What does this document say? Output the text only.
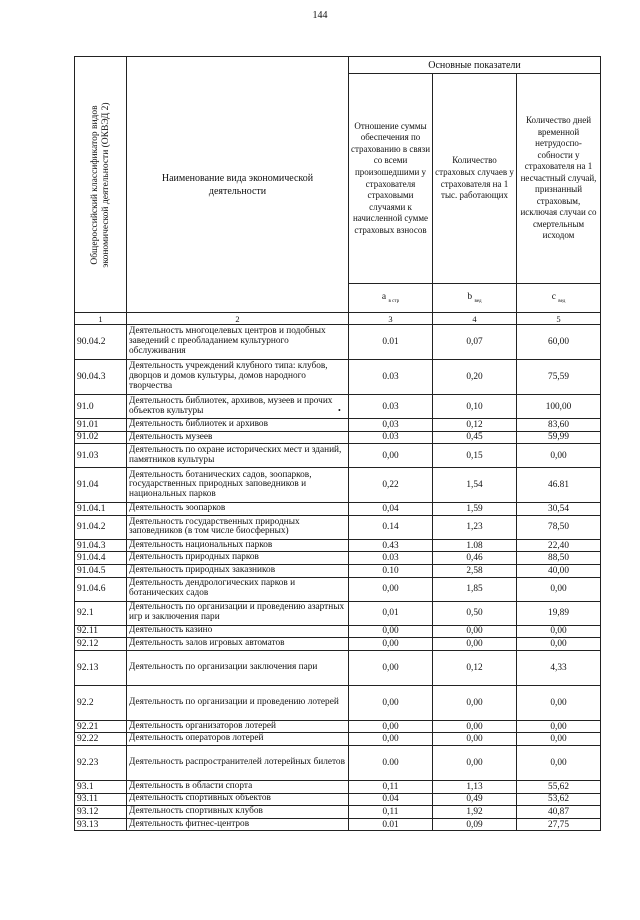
144
Общероссийский классификатор видов экономической деятельности (ОКВЭД 2)	Наименование вида экономической деятельности	Основные показатели		
		Отношение суммы обеспечения по страхованию в связи со всеми произошедшими у страхователя страховыми случаями к начисленной сумме страховых взносов	Количество страховых случаев у страхователя на 1 тыс. работающих	Количество дней временной нетрудоспо-собности у страхователя на 1 несчастный случай, признанный страховым, исключая случаи со смертельным исходом
		a $_{в стр}$	b $_{вед}$	c $_{вед}$
1	2	3	4	5
90.04.2	Деятельность многоцелевых центров и подобных заведений с преобладанием культурного обслуживания	0.01	0,07	60,00
90.04.3	Деятельность учреждений клубного типа: клубов, дворцов и домов культуры, домов народного творчества	0.03	0,20	75,59
91.0	Деятельность библиотек, архивов, музеев и прочих объектов культуры	0.03	0,10	100,00
91.01	Деятельность библиотек и архивов	0,03	0,12	83,60
91.02	Деятельность музеев	0.03	0,45	59,99
91.03	Деятельность по охране исторических мест и зданий, памятников культуры	0,00	0,15	0,00
91.04	Деятельность ботанических садов, зоопарков, государственных природных заповедников и национальных парков	0,22	1,54	46.81
91.04.1	Деятельность зоопарков	0,04	1,59	30,54
91.04.2	Деятельность государственных природных заповедников (в том числе биосферных)	0.14	1,23	78,50
91.04.3	Деятельность национальных парков	0.43	1.08	22,40
91.04.4	Деятельность природных парков	0.03	0,46	88,50
91.04.5	Деятельность природных заказников	0.10	2,58	40,00
91.04.6	Деятельность дендрологических парков и ботанических садов	0,00	1,85	0,00
92.1	Деятельность по организации и проведению азартных игр и заключения пари	0,01	0,50	19,89
92.11	Деятельность казино	0,00	0,00	0,00
92.12	Деятельность залов игровых автоматов	0,00	0,00	0,00
92.13	Деятельность по организации заключения пари	0,00	0,12	4,33
92.2	Деятельность по организации и проведению лотерей	0,00	0,00	0,00
92.21	Деятельность организаторов лотерей	0,00	0,00	0,00
92.22	Деятельность операторов лотерей	0,00	0,00	0,00
92.23	Деятельность распространителей лотерейных билетов	0.00	0,00	0,00
93.1	Деятельность в области спорта	0,11	1,13	55,62
93.11	Деятельность спортивных объектов	0.04	0,49	53,62
93.12	Деятельность спортивных клубов	0,11	1,92	40,87
93.13	Деятельность фитнес-центров	0.01	0,09	27,75
•
